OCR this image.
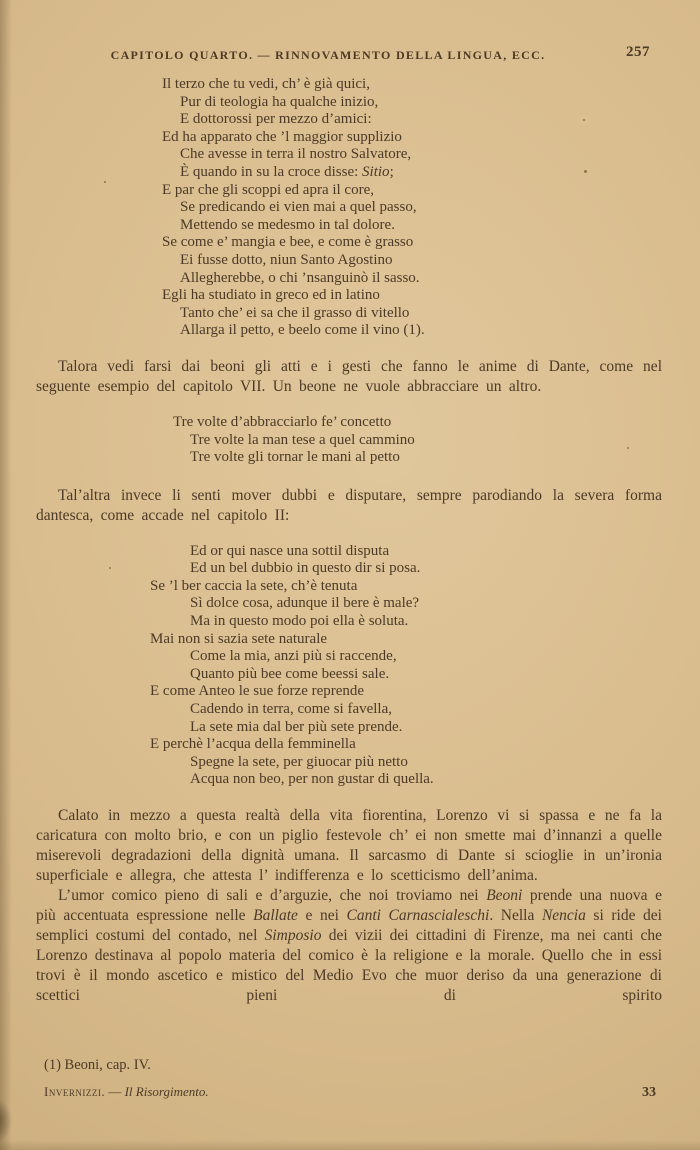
CAPITOLO QUARTO. — RINNOVAMENTO DELLA LINGUA, ECC.	257
Il terzo che tu vedi, ch’ è già quici,
Pur di teologia ha qualche inizio,
E dottorossi per mezzo d’amici:
Ed ha apparato che ’l maggior supplizio
Che avesse in terra il nostro Salvatore,
È quando in su la croce disse: Sitio;
E par che gli scoppi ed apra il core,
Se predicando ei vien mai a quel passo,
Mettendo se medesmo in tal dolore.
Se come e’ mangia e bee, e come è grasso
Ei fusse dotto, niun Santo Agostino
Allegherebbe, o chi ’nsanguinò il sasso.
Egli ha studiato in greco ed in latino
Tanto che’ ei sa che il grasso di vitello
Allarga il petto, e beelo come il vino (1).
Talora vedi farsi dai beoni gli atti e i gesti che fanno le anime di Dante, come nel seguente esempio del capitolo VII. Un beone ne vuole abbracciare un altro.
Tre volte d’abbracciarlo fe’ concetto
Tre volte la man tese a quel cammino
Tre volte gli tornar le mani al petto
Tal’altra invece li senti mover dubbi e disputare, sempre parodiando la severa forma dantesca, come accade nel capitolo II:
Ed or qui nasce una sottil disputa
Ed un bel dubbio in questo dir si posa.
Se ’l ber caccia la sete, ch’è tenuta
Sì dolce cosa, adunque il bere è male?
Ma in questo modo poi ella è soluta.
Mai non si sazia sete naturale
Come la mia, anzi più si raccende,
Quanto più bee come beessi sale.
E come Anteo le sue forze reprende
Cadendo in terra, come si favella,
La sete mia dal ber più sete prende.
E perchè l’acqua della femminella
Spegne la sete, per giuocar più netto
Acqua non beo, per non gustar di quella.
Calato in mezzo a questa realtà della vita fiorentina, Lorenzo vi si spassa e ne fa la caricatura con molto brio, e con un piglio festevole ch’ ei non smette mai d’innanzi a quelle miserevoli degradazioni della dignità umana. Il sarcasmo di Dante si scioglie in un’ironia superficiale e allegra, che attesta l’ indifferenza e lo scetticismo dell’anima.
L’umor comico pieno di sali e d’arguzie, che noi troviamo nei Beoni prende una nuova e più accentuata espressione nelle Ballate e nei Canti Carnascialeschi. Nella Nencia si ride dei semplici costumi del contado, nel Simposio dei vizii dei cittadini di Firenze, ma nei canti che Lorenzo destinava al popolo materia del comico è la religione e la morale. Quello che in essi trovi è il mondo ascetico e mistico del Medio Evo che muor deriso da una generazione di scettici pieni di spirito
(1) Beoni, cap. IV.
Invernizzi. — Il Risorgimento.	33
